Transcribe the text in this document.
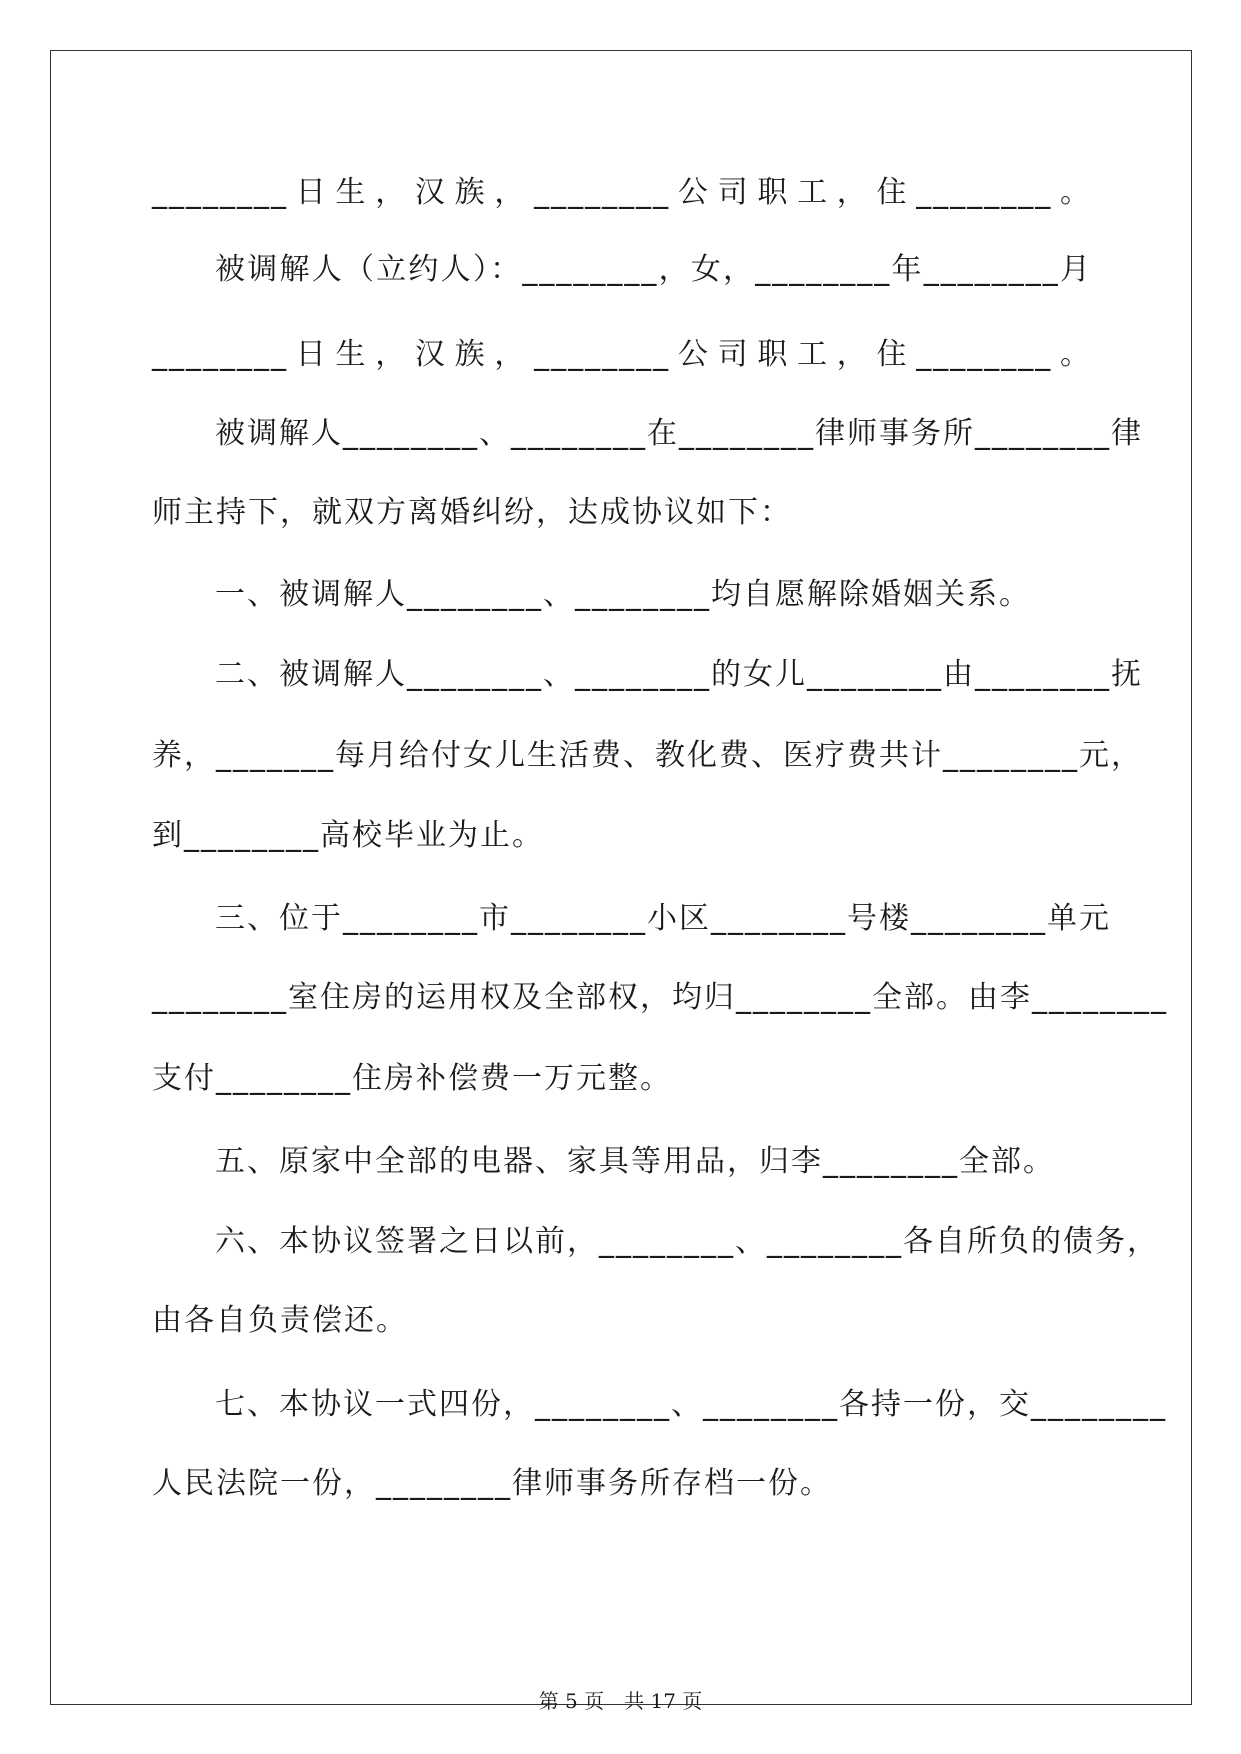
________日生，汉族，________公司职工，住________。
被调解人（立约人）：________，女，________年________月
________日生，汉族，________公司职工，住________。
被调解人________、________在________律师事务所________律
师主持下，就双方离婚纠纷，达成协议如下：
一、被调解人________、________均自愿解除婚姻关系。
二、被调解人________、________的女儿________由________抚
养，_______每月给付女儿生活费、教化费、医疗费共计________元，
到________高校毕业为止。
三、位于________市________小区________号楼________单元
________室住房的运用权及全部权，均归________全部。由李________
支付________住房补偿费一万元整。
五、原家中全部的电器、家具等用品，归李________全部。
六、本协议签署之日以前，________、________各自所负的债务，
由各自负责偿还。
七、本协议一式四份，________、________各持一份，交________
人民法院一份，________律师事务所存档一份。
第 5 页　共 17 页
